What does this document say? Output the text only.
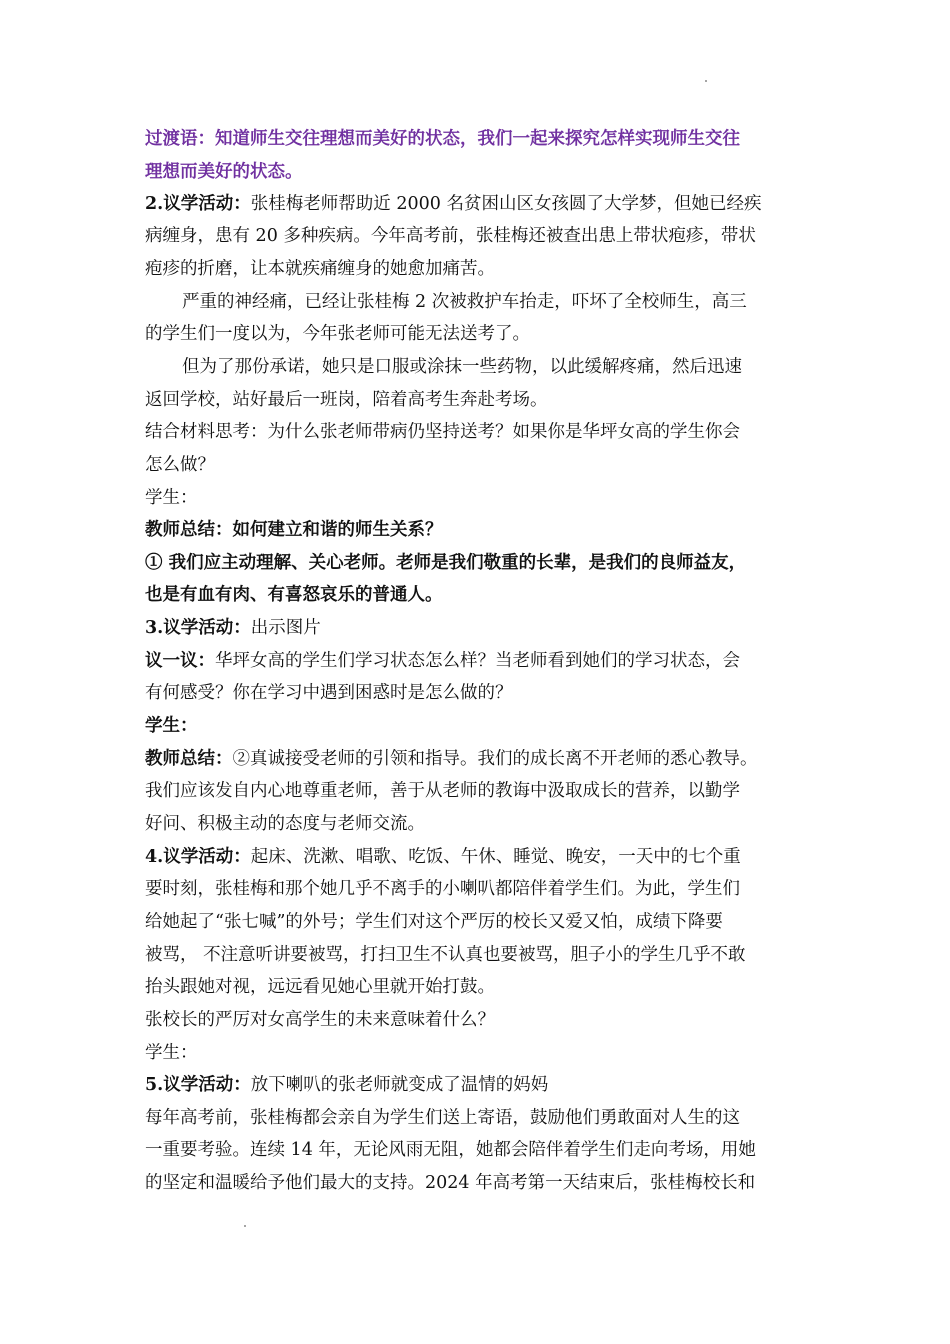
过渡语：知道师生交往理想而美好的状态，我们一起来探究怎样实现师生交往
理想而美好的状态。
2.议学活动：张桂梅老师帮助近 2000 名贫困山区女孩圆了大学梦，但她已经疾
病缠身，患有 20 多种疾病。今年高考前，张桂梅还被查出患上带状疱疹，带状
疱疹的折磨，让本就疾痛缠身的她愈加痛苦。
严重的神经痛，已经让张桂梅 2 次被救护车抬走，吓坏了全校师生，高三
的学生们一度以为，今年张老师可能无法送考了。
但为了那份承诺，她只是口服或涂抹一些药物，以此缓解疼痛，然后迅速
返回学校，站好最后一班岗，陪着高考生奔赴考场。
结合材料思考：为什么张老师带病仍坚持送考？如果你是华坪女高的学生你会
怎么做？
学生：
教师总结：如何建立和谐的师生关系？
① 我们应主动理解、关心老师。老师是我们敬重的长辈，是我们的良师益友，
也是有血有肉、有喜怒哀乐的普通人。
3.议学活动：出示图片
议一议：华坪女高的学生们学习状态怎么样？当老师看到她们的学习状态，会
有何感受？你在学习中遇到困惑时是怎么做的？
学生：
教师总结：②真诚接受老师的引领和指导。我们的成长离不开老师的悉心教导。
我们应该发自内心地尊重老师，善于从老师的教诲中汲取成长的营养，以勤学
好问、积极主动的态度与老师交流。
4.议学活动：起床、洗漱、唱歌、吃饭、午休、睡觉、晚安，一天中的七个重
要时刻，张桂梅和那个她几乎不离手的小喇叭都陪伴着学生们。为此，学生们
给她起了“张七喊”的外号；学生们对这个严厉的校长又爱又怕，成绩下降要
被骂， 不注意听讲要被骂，打扫卫生不认真也要被骂，胆子小的学生几乎不敢
抬头跟她对视，远远看见她心里就开始打鼓。
张校长的严厉对女高学生的未来意味着什么？
学生：
5.议学活动：放下喇叭的张老师就变成了温情的妈妈
每年高考前，张桂梅都会亲自为学生们送上寄语，鼓励他们勇敢面对人生的这
一重要考验。连续 14 年，无论风雨无阻，她都会陪伴着学生们走向考场，用她
的坚定和温暖给予他们最大的支持。2024 年高考第一天结束后，张桂梅校长和
